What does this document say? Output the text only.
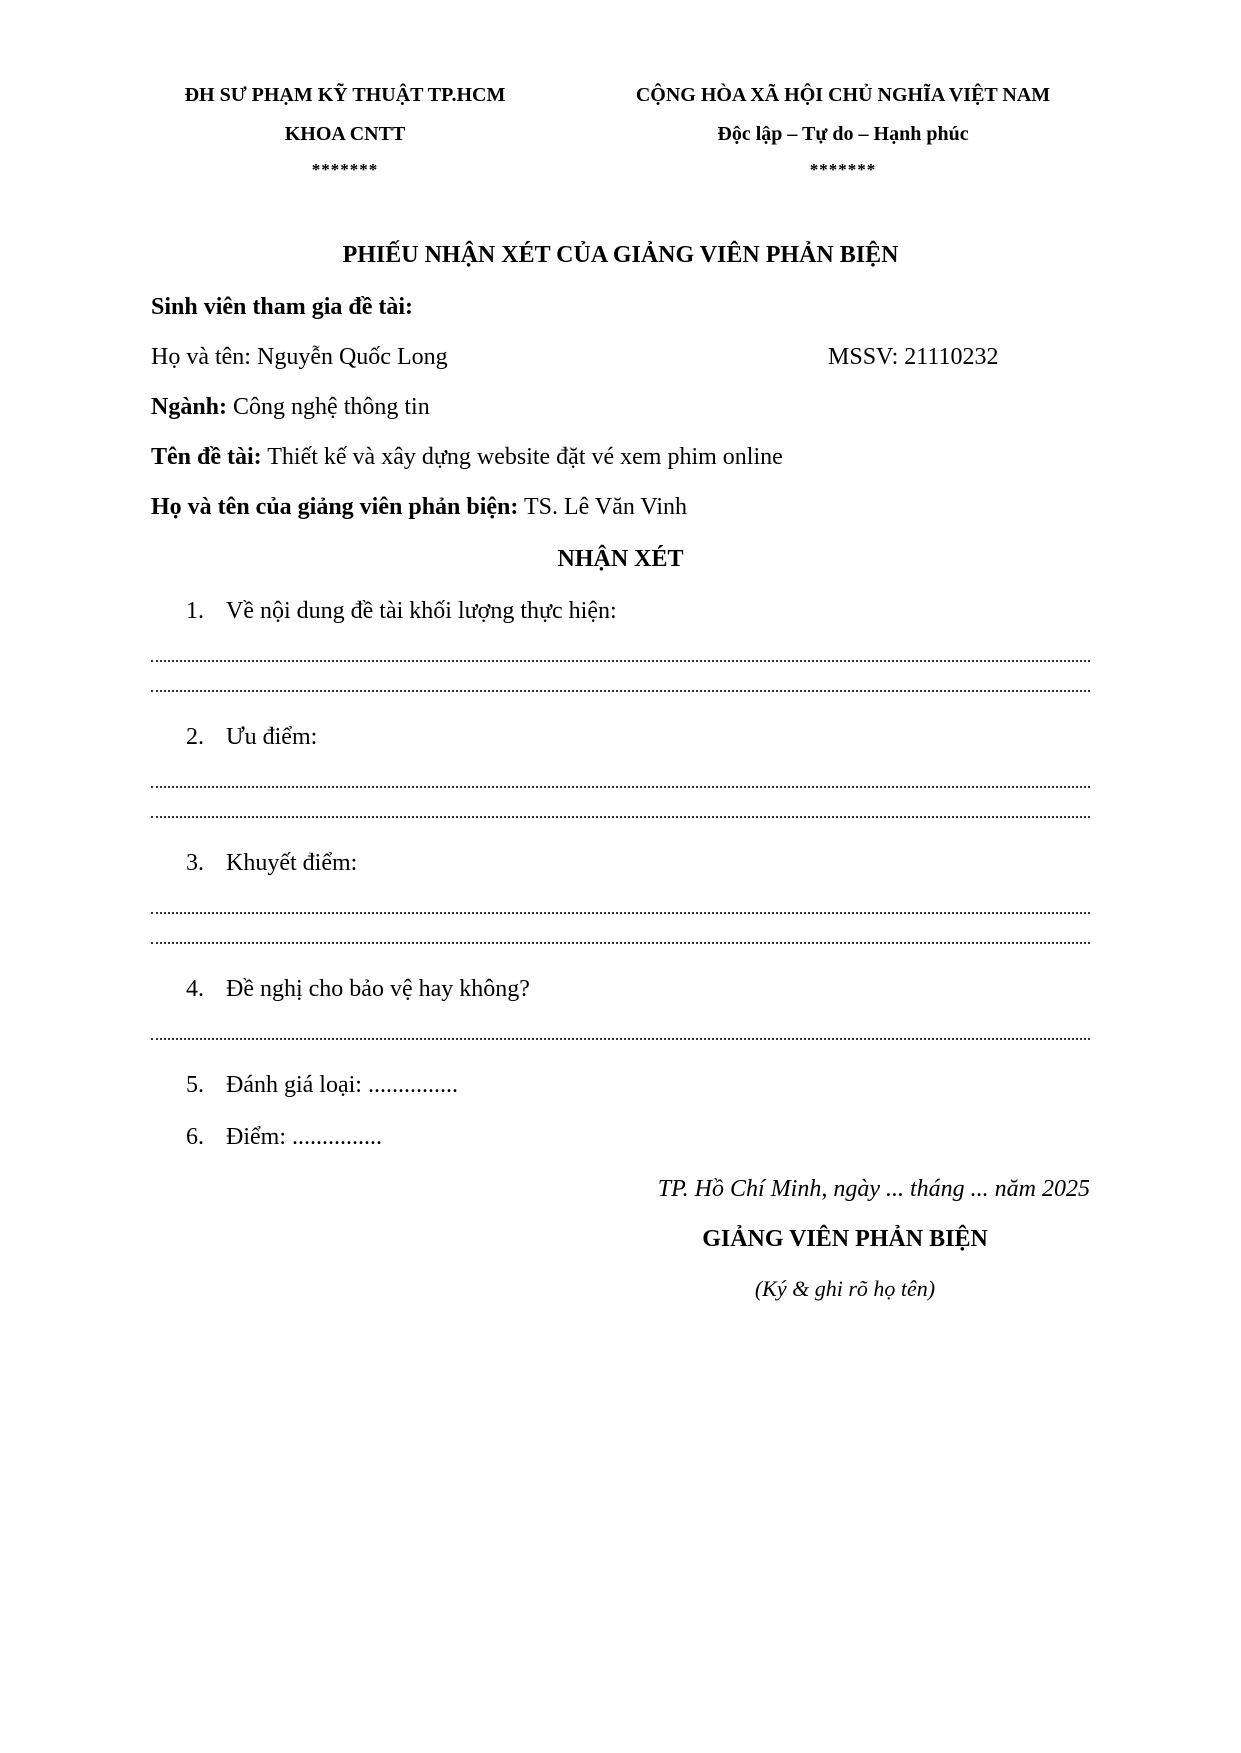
ĐH SƯ PHẠM KỸ THUẬT TP.HCM
KHOA CNTT
*******
CỘNG HÒA XÃ HỘI CHỦ NGHĨA VIỆT NAM
Độc lập – Tự do – Hạnh phúc
*******
PHIẾU NHẬN XÉT CỦA GIẢNG VIÊN PHẢN BIỆN
Sinh viên tham gia đề tài:
Họ và tên: Nguyễn Quốc Long	MSSV: 21110232
Ngành: Công nghệ thông tin
Tên đề tài: Thiết kế và xây dựng website đặt vé xem phim online
Họ và tên của giảng viên phản biện: TS. Lê Văn Vinh
NHẬN XÉT
1. Về nội dung đề tài khối lượng thực hiện:
2. Ưu điểm:
3. Khuyết điểm:
4. Đề nghị cho bảo vệ hay không?
5. Đánh giá loại: ...............
6. Điểm: ...............
TP. Hồ Chí Minh, ngày ... tháng ... năm 2025
GIẢNG VIÊN PHẢN BIỆN
(Ký & ghi rõ họ tên)
